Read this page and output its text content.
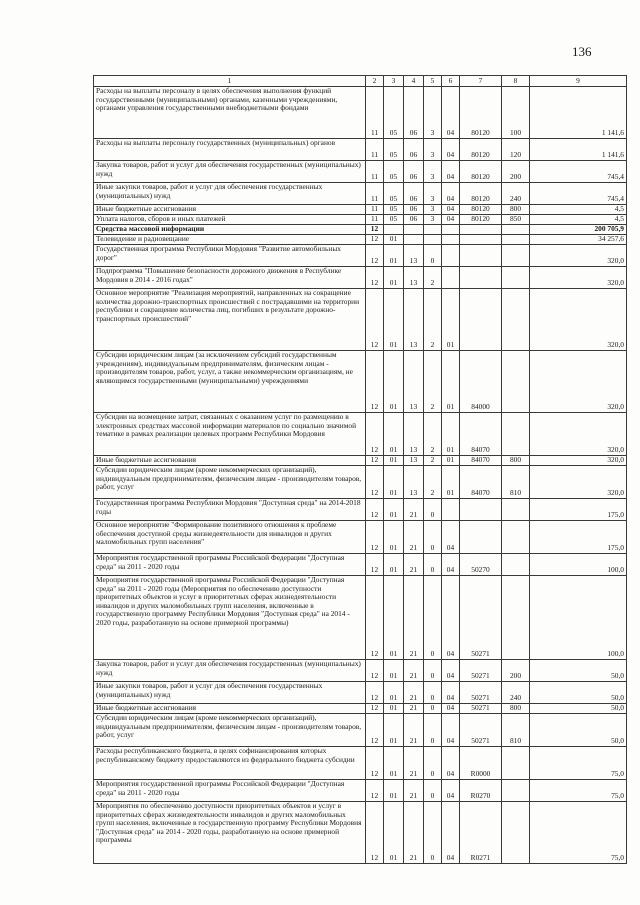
136
1	2	3	4	5	6	7	8	9
Расходы на выплаты персоналу в целях обеспечения выполнения функций государственными (муниципальными) органами, казенными учреждениями, органами управления государственными внебюджетными фондами	11	05	06	3	04	80120	100	1 141,6
Расходы на выплаты персоналу государственных (муниципальных) органов	11	05	06	3	04	80120	120	1 141,6
Закупка товаров, работ и услуг для обеспечения государственных (муниципальных) нужд	11	05	06	3	04	80120	200	745,4
Иные закупки товаров, работ и услуг для обеспечения государственных (муниципальных) нужд	11	05	06	3	04	80120	240	745,4
Иные бюджетные ассигнования	11	05	06	3	04	80120	800	4,5
Уплата налогов, сборов и иных платежей	11	05	06	3	04	80120	850	4,5
Средства массовой информации	12							200 705,9
Телевидение и радиовещание	12	01						34 257,6
Государственная программа Республики Мордовия "Развитие автомобильных дорог"	12	01	13	0				320,0
Подпрограмма "Повышение безопасности дорожного движения в Республике Мордовия в 2014 - 2016 годах"	12	01	13	2				320,0
Основное мероприятие "Реализация мероприятий, направленных на сокращение количества дорожно-транспортных происшествий с пострадавшими на территории республики и сокращение количества лиц, погибших в результате дорожно-транспортных происшествий"	12	01	13	2	01			320,0
Субсидии юридическим лицам (за исключением субсидий государственным учреждениям), индивидуальным предпринимателям, физическим лицам - производителям товаров, работ, услуг, а также некоммерческим организациям, не являющимся государственными (муниципальными) учреждениями	12	01	13	2	01	84000		320,0
Субсидии на возмещение затрат, связанных с оказанием услуг по размещению в электронных средствах массовой информации материалов по социально значимой тематике в рамках реализации целевых программ Республики Мордовия	12	01	13	2	01	84070		320,0
Иные бюджетные ассигнования	12	01	13	2	01	84070	800	320,0
Субсидии юридическим лицам (кроме некоммерческих организаций), индивидуальным предпринимателям, физическим лицам - производителям товаров, работ, услуг	12	01	13	2	01	84070	810	320,0
Государственная программа Республики Мордовия "Доступная среда" на 2014-2018 годы	12	01	21	0				175,0
Основное мероприятие "Формирование позитивного отношения к проблеме обеспечения доступной среды жизнедеятельности для инвалидов и других маломобильных групп населения"	12	01	21	0	04			175,0
Мероприятия государственной программы Российской Федерации "Доступная среда" на 2011 - 2020 годы	12	01	21	0	04	50270		100,0
Мероприятия государственной программы Российской Федерации "Доступная среда" на 2011 - 2020 годы (Мероприятия по обеспечению доступности приоритетных объектов и услуг в приоритетных сферах жизнедеятельности инвалидов и других маломобильных групп населения, включенные в государственную программу Республики Мордовия "Доступная среда" на 2014 - 2020 годы, разработанную на основе примерной программы)	12	01	21	0	04	50271		100,0
Закупка товаров, работ и услуг для обеспечения государственных (муниципальных) нужд	12	01	21	0	04	50271	200	50,0
Иные закупки товаров, работ и услуг для обеспечения государственных (муниципальных) нужд	12	01	21	0	04	50271	240	50,0
Иные бюджетные ассигнования	12	01	21	0	04	50271	800	50,0
Субсидии юридическим лицам (кроме некоммерческих организаций), индивидуальным предпринимателям, физическим лицам - производителям товаров, работ, услуг	12	01	21	0	04	50271	810	50,0
Расходы республиканского бюджета, в целях софинансирования которых республиканскому бюджету предоставляются из федерального бюджета субсидии	12	01	21	0	04	R0000		75,0
Мероприятия государственной программы Российской Федерации "Доступная среда" на 2011 - 2020 годы	12	01	21	0	04	R0270		75,0
Мероприятия по обеспечению доступности приоритетных объектов и услуг в приоритетных сферах жизнедеятельности инвалидов и других маломобильных групп населения, включенные в государственную программу Республики Мордовия "Доступная среда" на 2014 - 2020 годы, разработанную на основе примерной программы	12	01	21	0	04	R0271		75,0
